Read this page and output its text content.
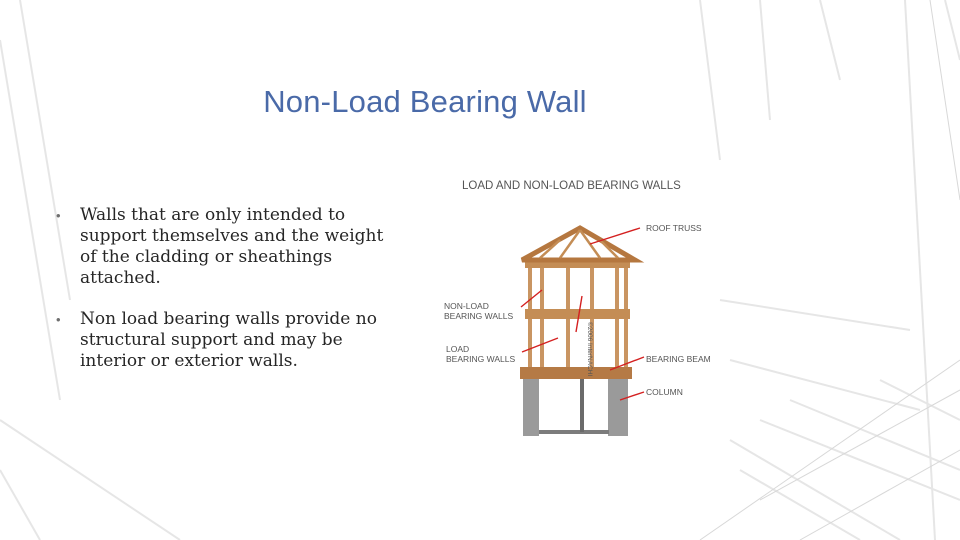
Non-Load Bearing Wall
• Walls that are only intended to support themselves and the weight of the cladding or sheathings attached.
• Non load bearing walls provide no structural support and may be interior or exterior walls.
LOAD AND NON-LOAD BEARING WALLS
ROOF TRUSS
NON-LOAD
BEARING WALLS
LOAD
BEARING WALLS	BEARING BEAM
COLUMN
©2006 InterNACHI
